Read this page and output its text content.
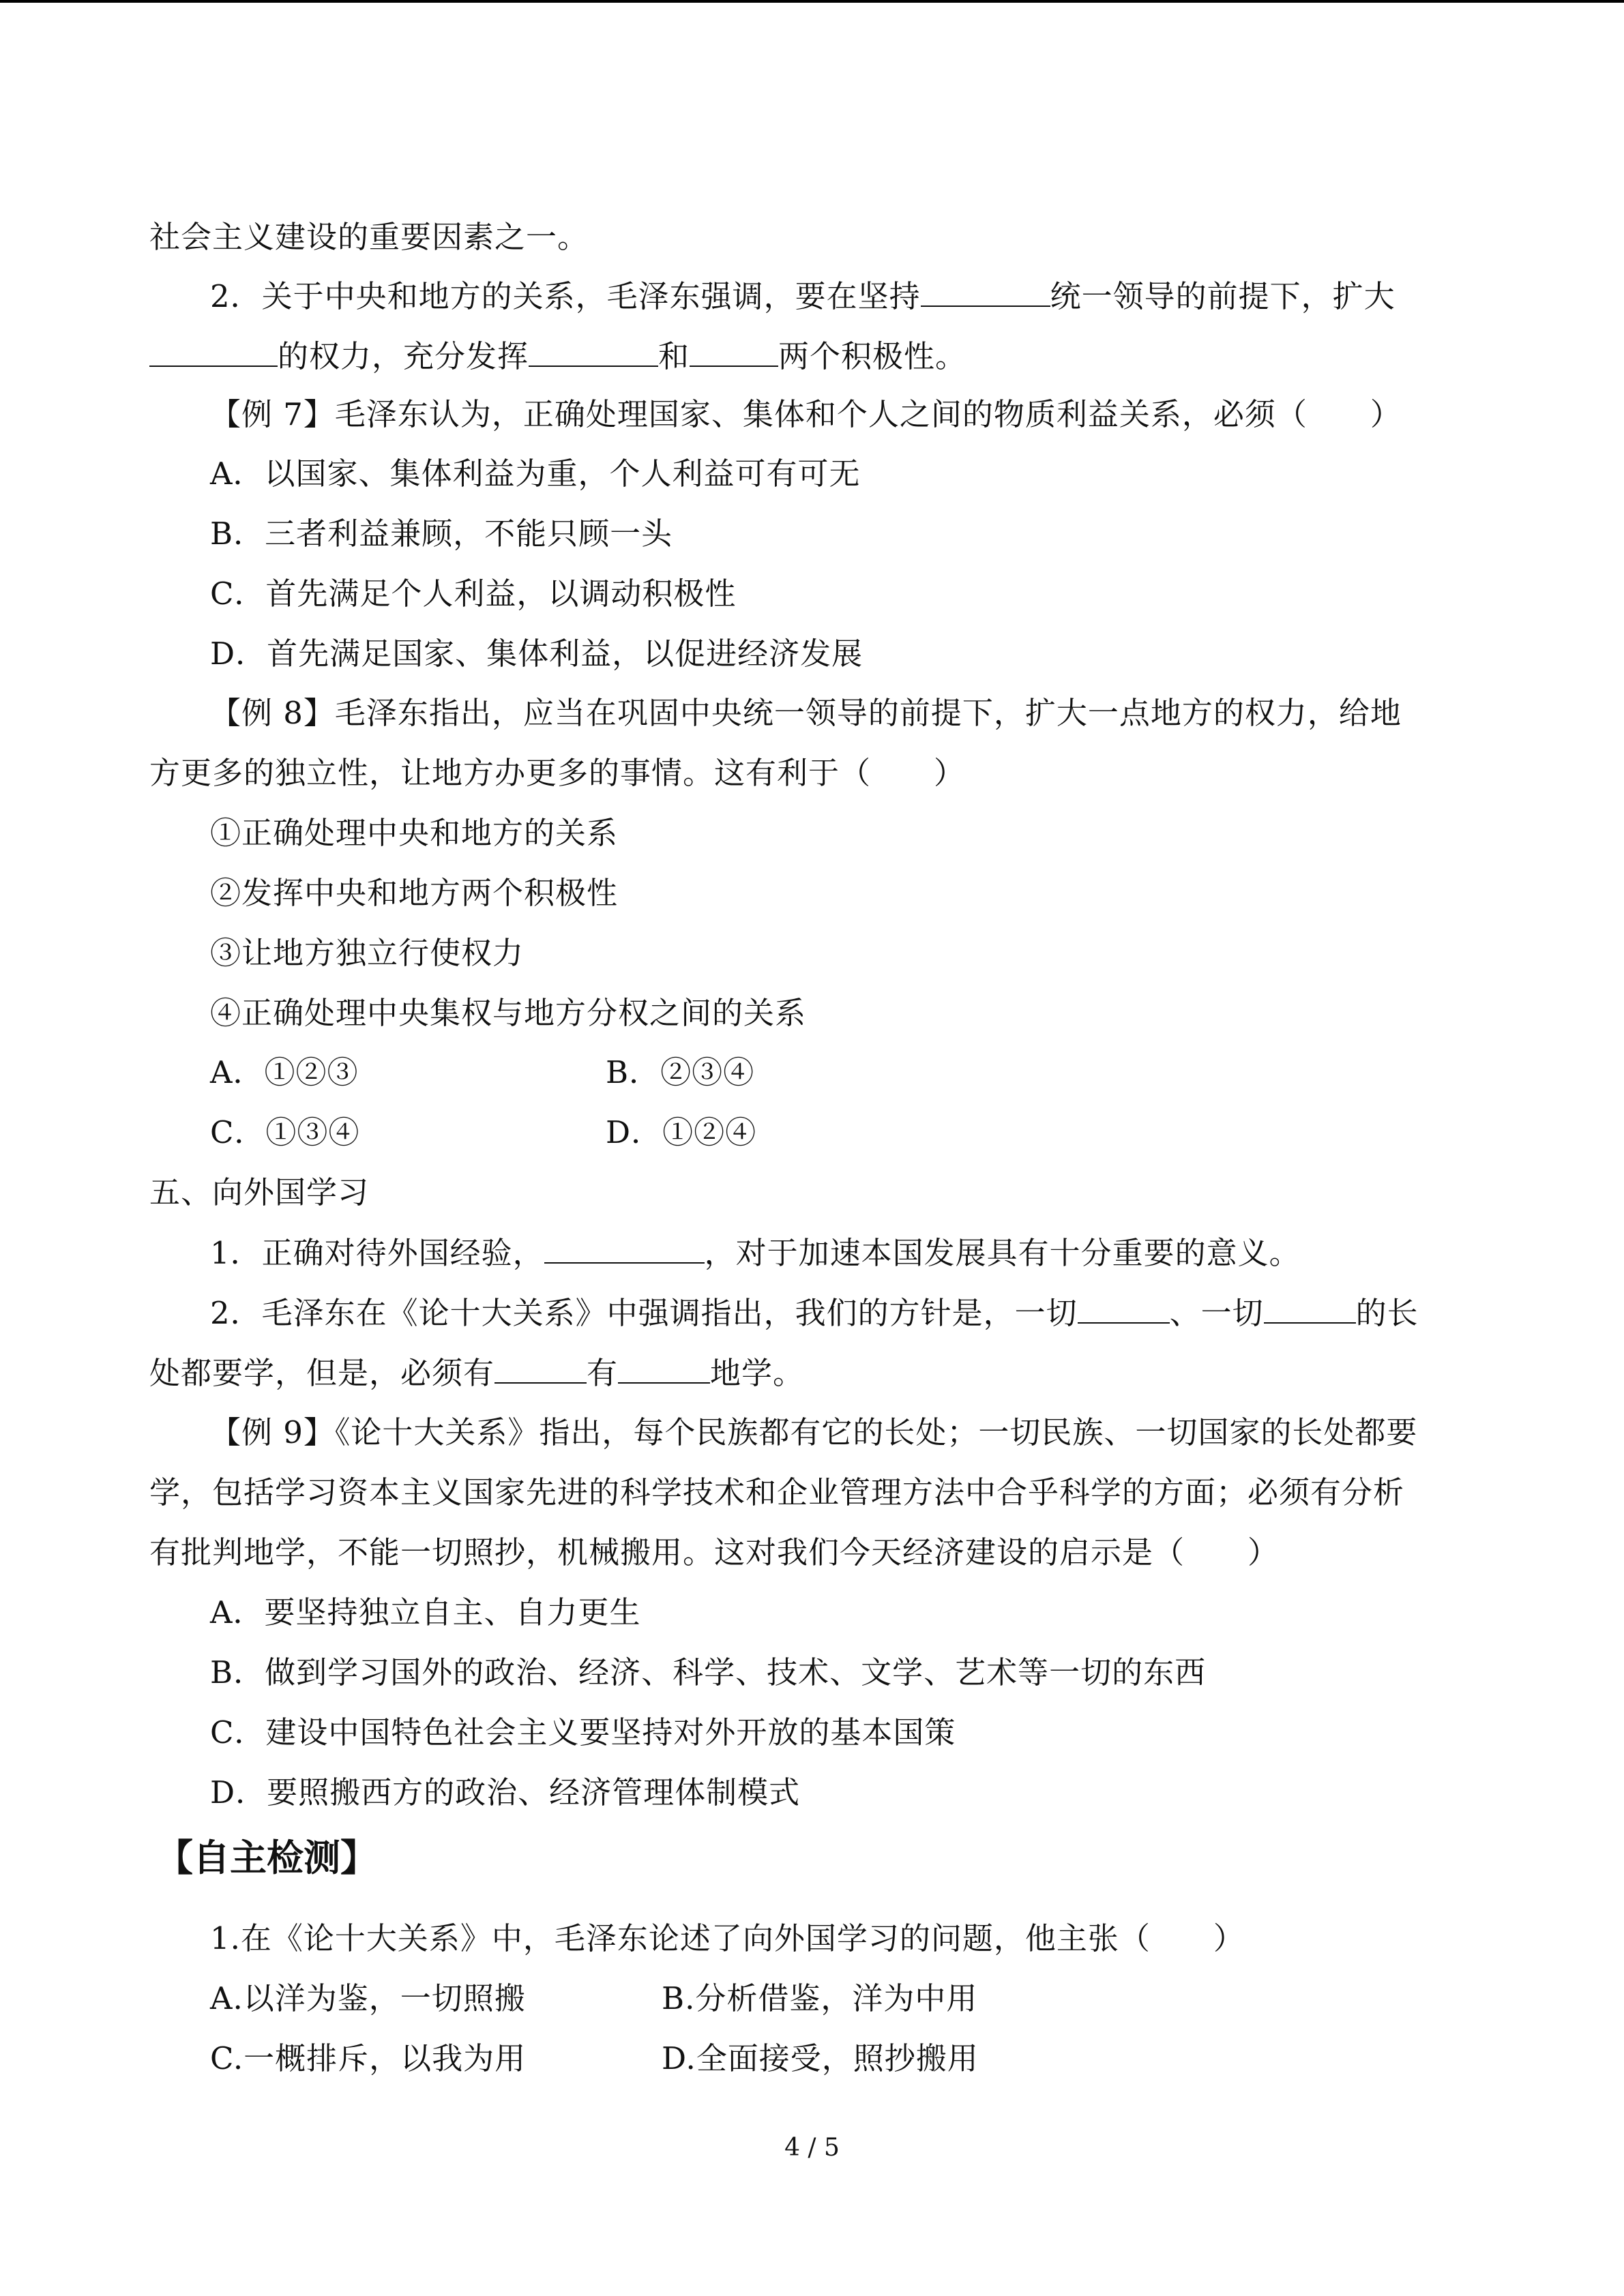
社会主义建设的重要因素之一。
2．关于中央和地方的关系，毛泽东强调，要在坚持	统一领导的前提下，扩大
的权力，充分发挥	和	两个积极性。
【例 7】毛泽东认为，正确处理国家、集体和个人之间的物质利益关系，必须（　　）
A．以国家、集体利益为重，个人利益可有可无
B．三者利益兼顾，不能只顾一头
C．首先满足个人利益，以调动积极性
D．首先满足国家、集体利益，以促进经济发展
【例 8】毛泽东指出，应当在巩固中央统一领导的前提下，扩大一点地方的权力，给地
方更多的独立性，让地方办更多的事情。这有利于（　　）
①正确处理中央和地方的关系
②发挥中央和地方两个积极性
③让地方独立行使权力
④正确处理中央集权与地方分权之间的关系
A．①②③	B．②③④
C．①③④	D．①②④
五、向外国学习
1．正确对待外国经验，	，对于加速本国发展具有十分重要的意义。
2．毛泽东在《论十大关系》中强调指出，我们的方针是，一切	、一切	的长
处都要学，但是，必须有	有	地学。
【例 9】《论十大关系》指出，每个民族都有它的长处；一切民族、一切国家的长处都要
学，包括学习资本主义国家先进的科学技术和企业管理方法中合乎科学的方面；必须有分析
有批判地学，不能一切照抄，机械搬用。这对我们今天经济建设的启示是（　　）
A．要坚持独立自主、自力更生
B．做到学习国外的政治、经济、科学、技术、文学、艺术等一切的东西
C．建设中国特色社会主义要坚持对外开放的基本国策
D．要照搬西方的政治、经济管理体制模式
【自主检测】
1.在《论十大关系》中，毛泽东论述了向外国学习的问题，他主张（　　）
A.以洋为鉴，一切照搬	B.分析借鉴，洋为中用
C.一概排斥，以我为用	D.全面接受，照抄搬用
4 / 5
